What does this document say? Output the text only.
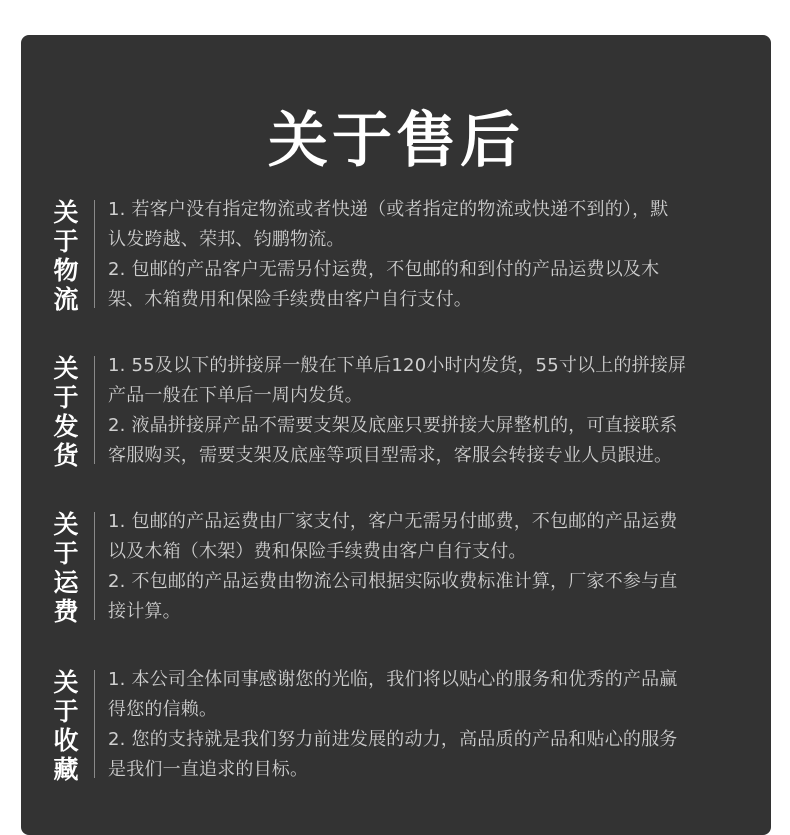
关于售后
关
于
物
流

1. 若客户没有指定物流或者快递（或者指定的物流或快递不到的），默

认发跨越、荣邦、钧鹏物流。

2. 包邮的产品客户无需另付运费，不包邮的和到付的产品运费以及木

架、木箱费用和保险手续费由客户自行支付。

关
于
发
货

1. 55及以下的拼接屏一般在下单后120小时内发货，55寸以上的拼接屏

产品一般在下单后一周内发货。

2. 液晶拼接屏产品不需要支架及底座只要拼接大屏整机的，可直接联系

客服购买，需要支架及底座等项目型需求，客服会转接专业人员跟进。

关
于
运
费

1. 包邮的产品运费由厂家支付，客户无需另付邮费，不包邮的产品运费

以及木箱（木架）费和保险手续费由客户自行支付。

2. 不包邮的产品运费由物流公司根据实际收费标准计算，厂家不参与直

接计算。

关
于
收
藏

1. 本公司全体同事感谢您的光临，我们将以贴心的服务和优秀的产品赢

得您的信赖。

2. 您的支持就是我们努力前进发展的动力，高品质的产品和贴心的服务

是我们一直追求的目标。
